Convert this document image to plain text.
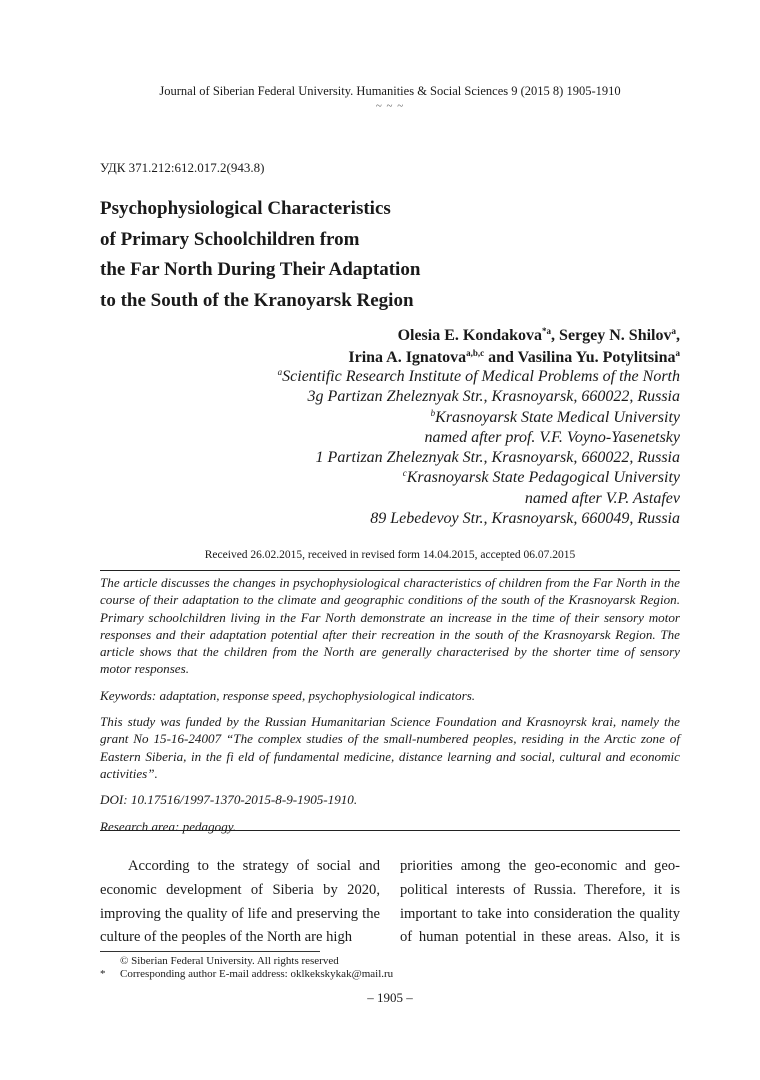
Journal of Siberian Federal University. Humanities & Social Sciences 9 (2015 8) 1905-1910
~ ~ ~
УДК 371.212:612.017.2(943.8)
Psychophysiological Characteristics
of Primary Schoolchildren from
the Far North During Their Adaptation
to the South of the Kranoyarsk Region
Olesia E. Kondakova$^{*a}$, Sergey N. Shilov$^a$,
Irina A. Ignatova$^{a,b,c}$ and Vasilina Yu. Potylitsina$^a$
$^a$Scientific Research Institute of Medical Problems of the North
3g Partizan Zheleznyak Str., Krasnoyarsk, 660022, Russia
$^b$Krasnoyarsk State Medical University
named after prof. V.F. Voyno-Yasenetsky
1 Partizan Zheleznyak Str., Krasnoyarsk, 660022, Russia
$^c$Krasnoyarsk State Pedagogical University
named after V.P. Astafev
89 Lebedevoy Str., Krasnoyarsk, 660049, Russia
Received 26.02.2015, received in revised form 14.04.2015, accepted 06.07.2015

The article discusses the changes in psychophysiological characteristics of children from the Far North in the course of their adaptation to the climate and geographic conditions of the south of the Krasnoyarsk Region. Primary schoolchildren living in the Far North demonstrate an increase in the time of their sensory motor responses and their adaptation potential after their recreation in the south of the Krasnoyarsk Region. The article shows that the children from the North are generally characterised by the shorter time of sensory motor responses.

Keywords: adaptation, response speed, psychophysiological indicators.

This study was funded by the Russian Humanitarian Science Foundation and Krasnoyrsk krai, namely the grant No 15-16-24007 “The complex studies of the small-numbered peoples, residing in the Arctic zone of Eastern Siberia, in the fi eld of fundamental medicine, distance learning and social, cultural and economic activities”.

DOI: 10.17516/1997-1370-2015-8-9-1905-1910.

Research area: pedagogy.

According to the strategy of social and economic development of Siberia by 2020, improving the quality of life and preserving the culture of the peoples of the North are high
priorities among the geo-economic and geo-political interests of Russia. Therefore, it is important to take into consideration the quality of human potential in these areas. Also, it is
© Siberian Federal University. All rights reserved
* Corresponding author E-mail address: oklkekskykak@mail.ru
– 1905 –
